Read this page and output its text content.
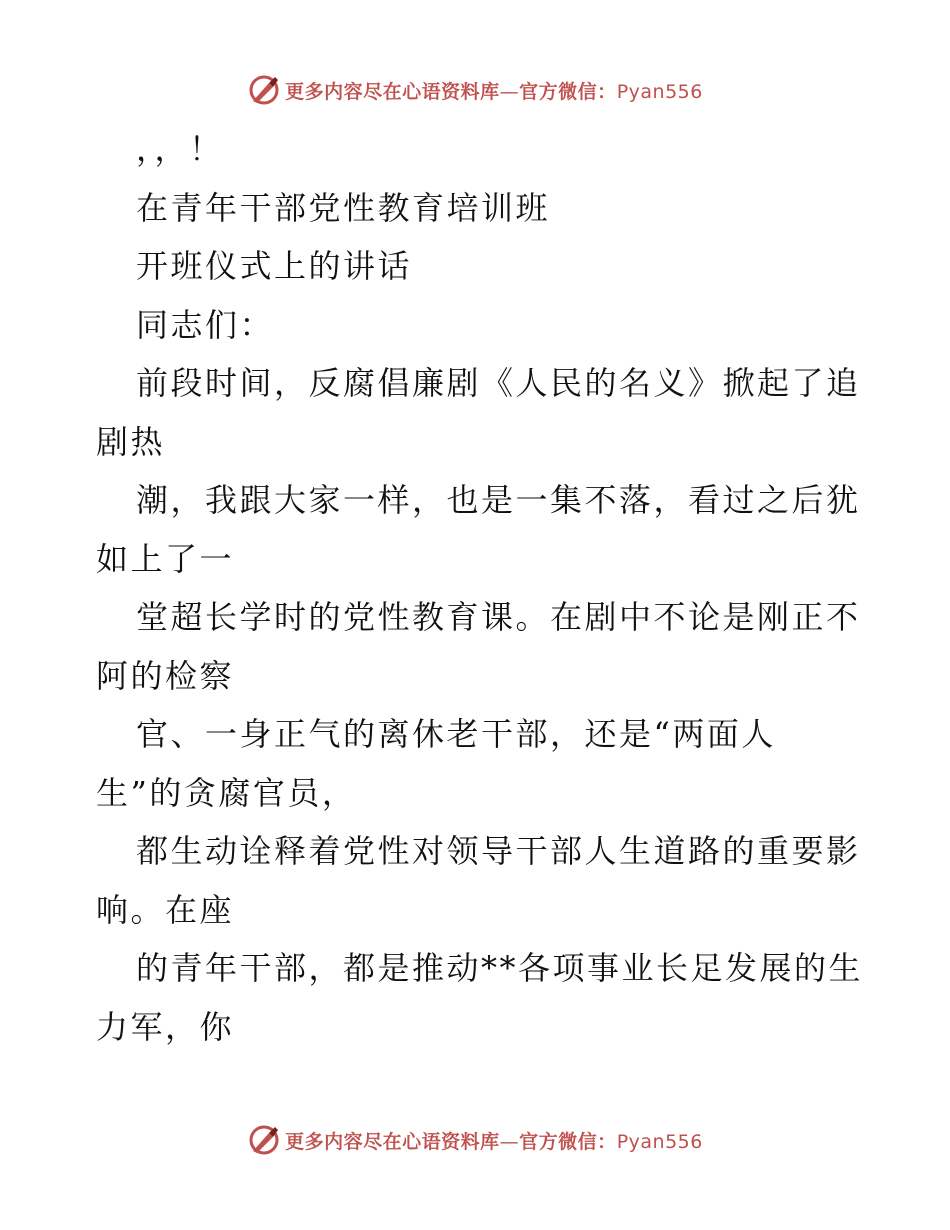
更多内容尽在心语资料库—官方微信：Pyan556
，，！
在青年干部党性教育培训班
开班仪式上的讲话
同志们：
前段时间，反腐倡廉剧《人民的名义》掀起了追
剧热
潮，我跟大家一样，也是一集不落，看过之后犹
如上了一
堂超长学时的党性教育课。在剧中不论是刚正不
阿的检察
官、一身正气的离休老干部，还是“两面人
生”的贪腐官员，
都生动诠释着党性对领导干部人生道路的重要影
响。在座
的青年干部，都是推动**各项事业长足发展的生
力军，你
更多内容尽在心语资料库—官方微信：Pyan556
